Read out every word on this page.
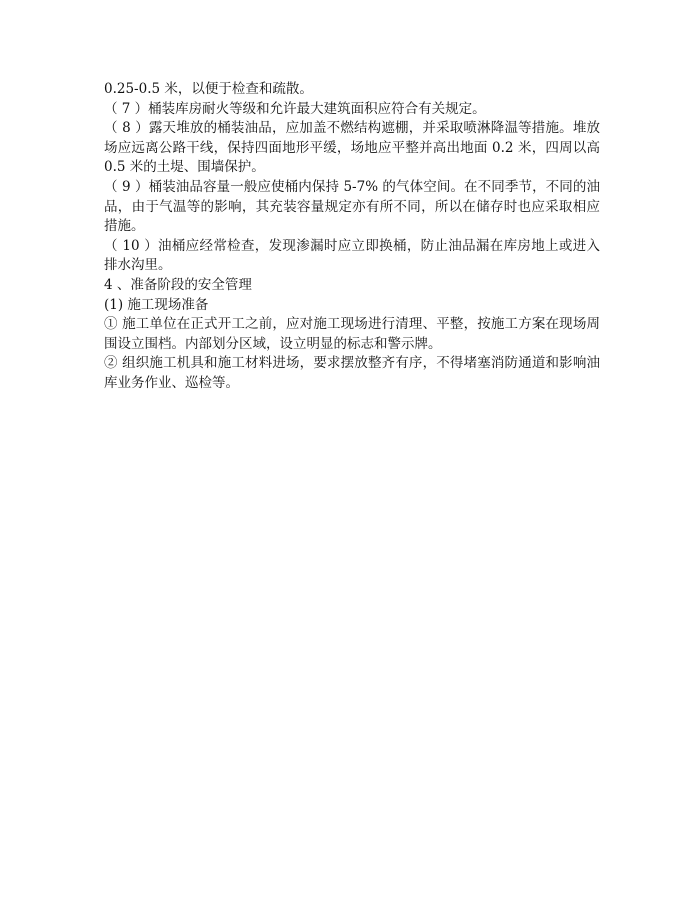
0.25-0.5 米，以便于检查和疏散。

（ 7 ）桶装库房耐火等级和允许最大建筑面积应符合有关规定。

（ 8 ）露天堆放的桶装油品，应加盖不燃结构遮棚，并采取喷淋降温等措施。堆放场应远离公路干线，保持四面地形平缓，场地应平整并高出地面 0.2 米，四周以高 0.5 米的土堤、围墙保护。

（ 9 ）桶装油品容量一般应使桶内保持 5-7% 的气体空间。在不同季节，不同的油品，由于气温等的影响，其充装容量规定亦有所不同，所以在储存时也应采取相应措施。

（ 10 ）油桶应经常检查，发现渗漏时应立即换桶，防止油品漏在库房地上或进入排水沟里。

4 、准备阶段的安全管理

(1) 施工现场准备

① 施工单位在正式开工之前，应对施工现场进行清理、平整，按施工方案在现场周围设立围档。内部划分区域，设立明显的标志和警示牌。

② 组织施工机具和施工材料进场，要求摆放整齐有序，不得堵塞消防通道和影响油库业务作业、巡检等。
